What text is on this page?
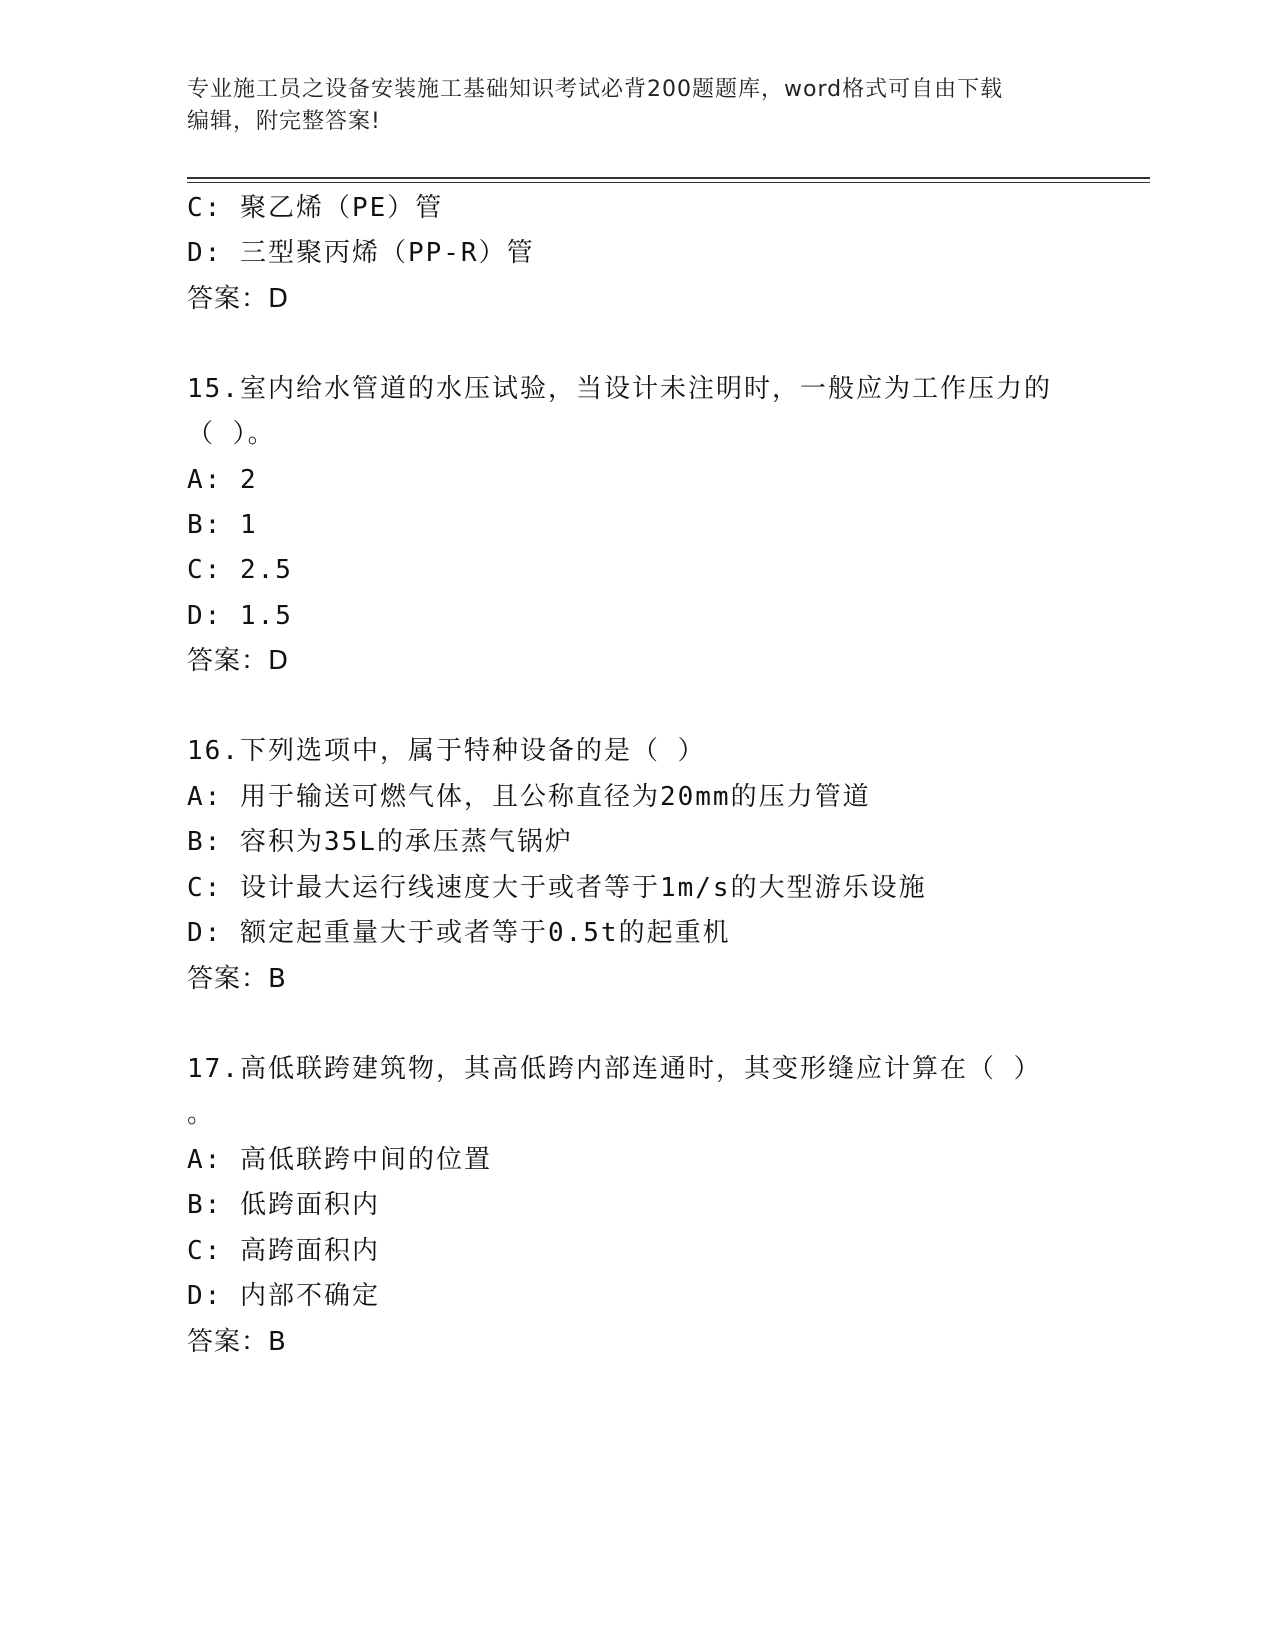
专业施工员之设备安装施工基础知识考试必背200题题库，word格式可自由下载
编辑，附完整答案!
C: 聚乙烯（PE）管
D: 三型聚丙烯（PP-R）管
答案：D
15.室内给水管道的水压试验，当设计未注明时，一般应为工作压力的
（ ）。
A: 2
B: 1
C: 2.5
D: 1.5
答案：D
16.下列选项中，属于特种设备的是（ ）
A: 用于输送可燃气体，且公称直径为20mm的压力管道
B: 容积为35L的承压蒸气锅炉
C: 设计最大运行线速度大于或者等于1m/s的大型游乐设施
D: 额定起重量大于或者等于0.5t的起重机
答案：B
17.高低联跨建筑物，其高低跨内部连通时，其变形缝应计算在（ ）
。
A: 高低联跨中间的位置
B: 低跨面积内
C: 高跨面积内
D: 内部不确定
答案：B
